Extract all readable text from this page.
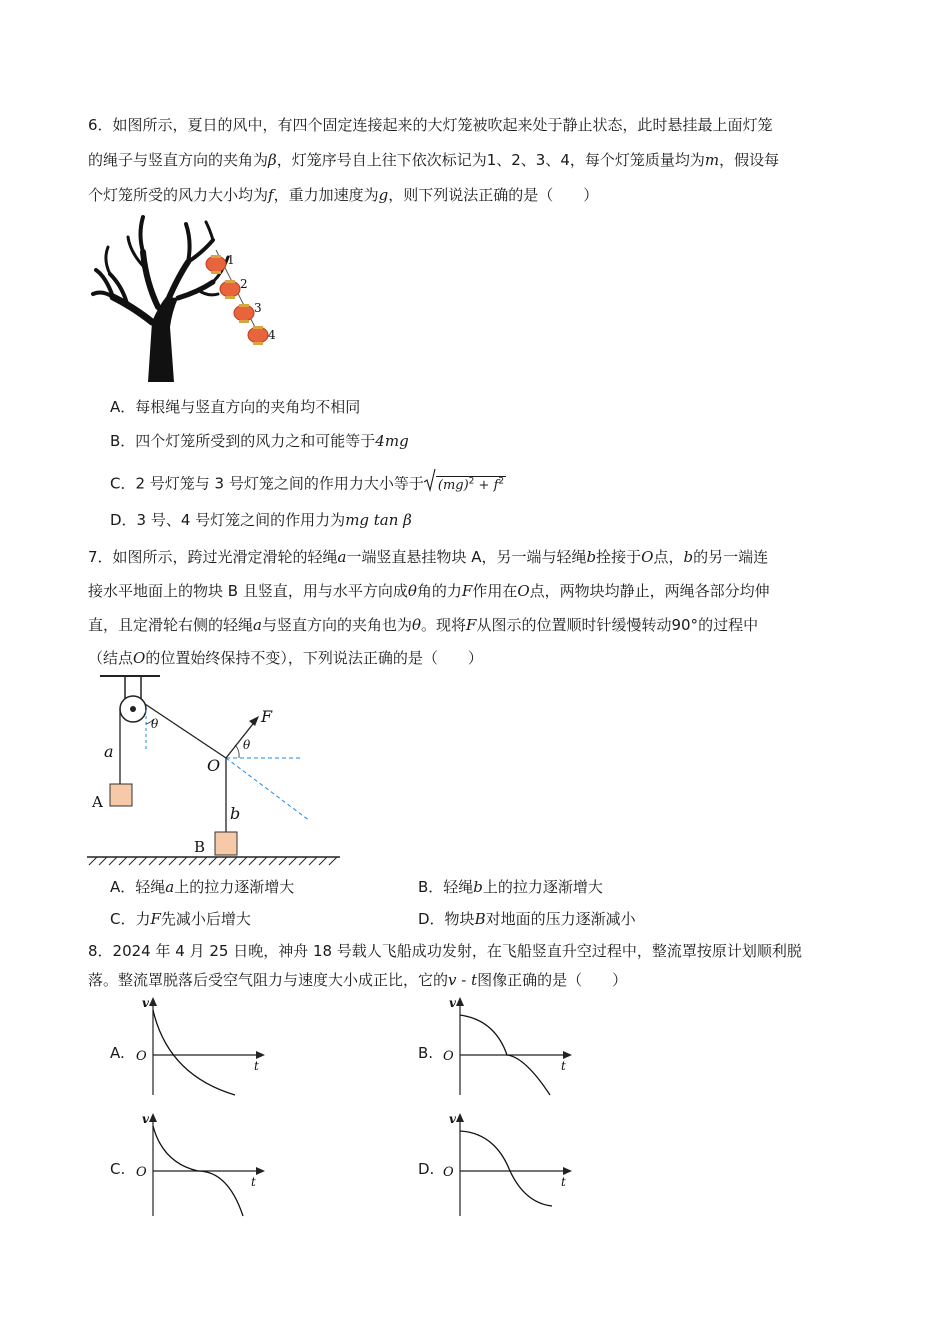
6．如图所示，夏日的风中，有四个固定连接起来的大灯笼被吹起来处于静止状态，此时悬挂最上面灯笼
的绳子与竖直方向的夹角为β，灯笼序号自上往下依次标记为1、2、3、4，每个灯笼质量均为m，假设每
个灯笼所受的风力大小均为f，重力加速度为g，则下列说法正确的是（　　）
1
2
3
4
A．每根绳与竖直方向的夹角均不相同
B．四个灯笼所受到的风力之和可能等于4mg
C．2 号灯笼与 3 号灯笼之间的作用力大小等于 $(mg)^2 + f^2$
D．3 号、4 号灯笼之间的作用力为mg tan β
7．如图所示，跨过光滑定滑轮的轻绳a一端竖直悬挂物块 A，另一端与轻绳b拴接于O点，b的另一端连
接水平地面上的物块 B 且竖直，用与水平方向成θ角的力F作用在O点，两物块均静止，两绳各部分均伸
直，且定滑轮右侧的轻绳a与竖直方向的夹角也为θ。现将F从图示的位置顺时针缓慢转动90°的过程中
（结点O的位置始终保持不变），下列说法正确的是（　　）
θ
θ
F
a
O
A
b
B
A．轻绳a上的拉力逐渐增大	B．轻绳b上的拉力逐渐增大
C．力F先减小后增大	D．物块B对地面的压力逐渐减小
8．2024 年 4 月 25 日晚，神舟 18 号载人飞船成功发射，在飞船竖直升空过程中，整流罩按原计划顺利脱
落。整流罩脱落后受空气阻力与速度大小成正比，它的v - t图像正确的是（　　）
A.
v
O
t
B.
v
O
t
C.
v
O
t
D.
v
O
t
